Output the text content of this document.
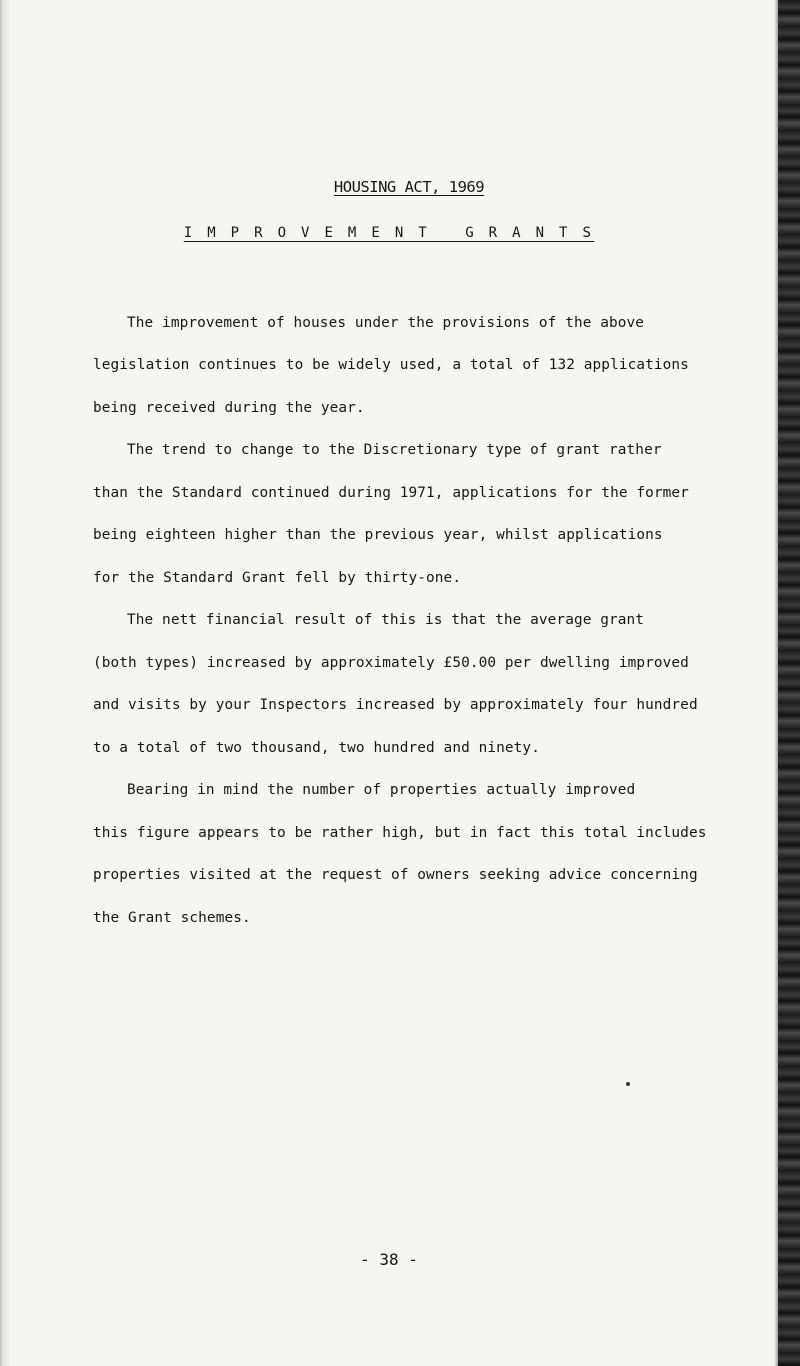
HOUSING ACT, 1969
I M P R O V E M E N T   G R A N T S
The improvement of houses under the provisions of the above
legislation continues to be widely used, a total of 132 applications
being received during the year.
The trend to change to the Discretionary type of grant rather
than the Standard continued during 1971, applications for the former
being eighteen higher than the previous year, whilst applications
for the Standard Grant fell by thirty-one.
The nett financial result of this is that the average grant
(both types) increased by approximately £50.00 per dwelling improved
and visits by your Inspectors increased by approximately four hundred
to a total of two thousand, two hundred and ninety.
Bearing in mind the number of properties actually improved
this figure appears to be rather high, but in fact this total includes
properties visited at the request of owners seeking advice concerning
the Grant schemes.
- 38 -
